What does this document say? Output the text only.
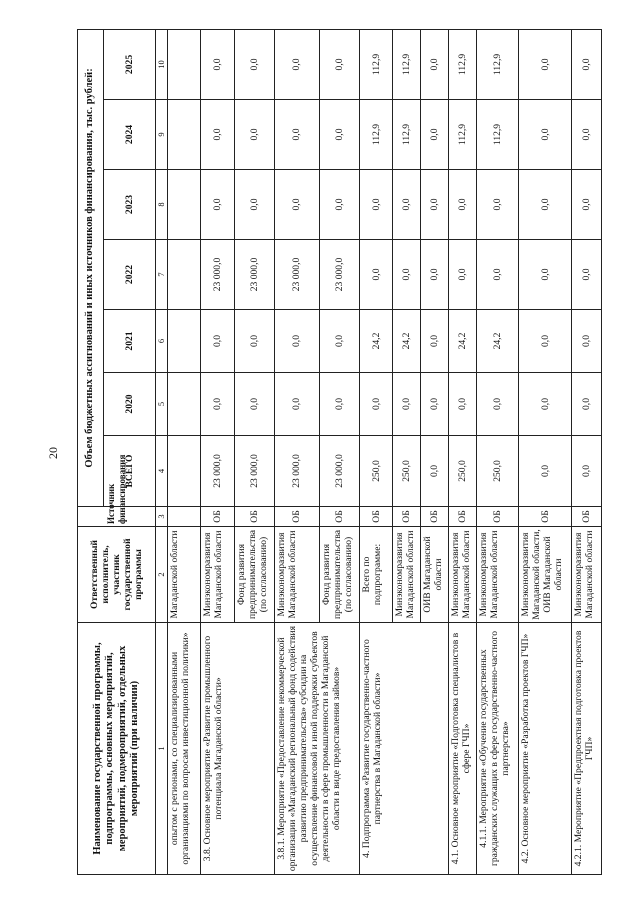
20
Наименование государственной программы, подпрограммы, основных мероприятий, мероприятий, подмероприятий, отдельных мероприятий (при наличии)	Ответственный исполнитель, участник государственной программы	Источник финансирования	Объем бюджетных ассигнований и иных источников финансирования, тыс. рублей:						
			ВСЕГО	2020	2021	2022	2023	2024	2025
1	2	3	4	5	6	7	8	9	10
опытом с регионами, со специализированными организациями по вопросам инвестиционной политики»	Магаданской области								
3.8. Основное мероприятие «Развитие промышленного потенциала Магаданской области»	Минэкономразвития Магаданской области	ОБ	23 000,0	0,0	0,0	23 000,0	0,0	0,0	0,0
	Фонд развития предпринимательства (по согласованию)	ОБ	23 000,0	0,0	0,0	23 000,0	0,0	0,0	0,0
3.8.1. Мероприятие «Предоставление некоммерческой организации «Магаданский региональный фонд содействия развитию предпринимательства» субсидии на осуществление финансовой и иной поддержки субъектов деятельности в сфере промышленности в Магаданской области в виде предоставления займов»	Минэкономразвития Магаданской области	ОБ	23 000,0	0,0	0,0	23 000,0	0,0	0,0	0,0
	Фонд развития предпринимательства (по согласованию)	ОБ	23 000,0	0,0	0,0	23 000,0	0,0	0,0	0,0
4. Подпрограмма «Развитие государственно-частного партнерства в Магаданской области»	Всего по подпрограмме:	ОБ	250,0	0,0	24,2	0,0	0,0	112,9	112,9
	Минэкономразвития Магаданской области	ОБ	250,0	0,0	24,2	0,0	0,0	112,9	112,9
	ОИВ Магаданской области	ОБ	0,0	0,0	0,0	0,0	0,0	0,0	0,0
4.1. Основное мероприятие «Подготовка специалистов в сфере ГЧП»	Минэкономразвития Магаданской области	ОБ	250,0	0,0	24,2	0,0	0,0	112,9	112,9
4.1.1. Мероприятие «Обучение государственных гражданских служащих в сфере государственно-частного партнерства»	Минэкономразвития Магаданской области	ОБ	250,0	0,0	24,2	0,0	0,0	112,9	112,9
4.2. Основное мероприятие «Разработка проектов ГЧП»	Минэкономразвития Магаданской области, ОИВ Магаданской области	ОБ	0,0	0,0	0,0	0,0	0,0	0,0	0,0
4.2.1. Мероприятие «Предпроектная подготовка проектов ГЧП»	Минэкономразвития Магаданской области	ОБ	0,0	0,0	0,0	0,0	0,0	0,0	0,0
